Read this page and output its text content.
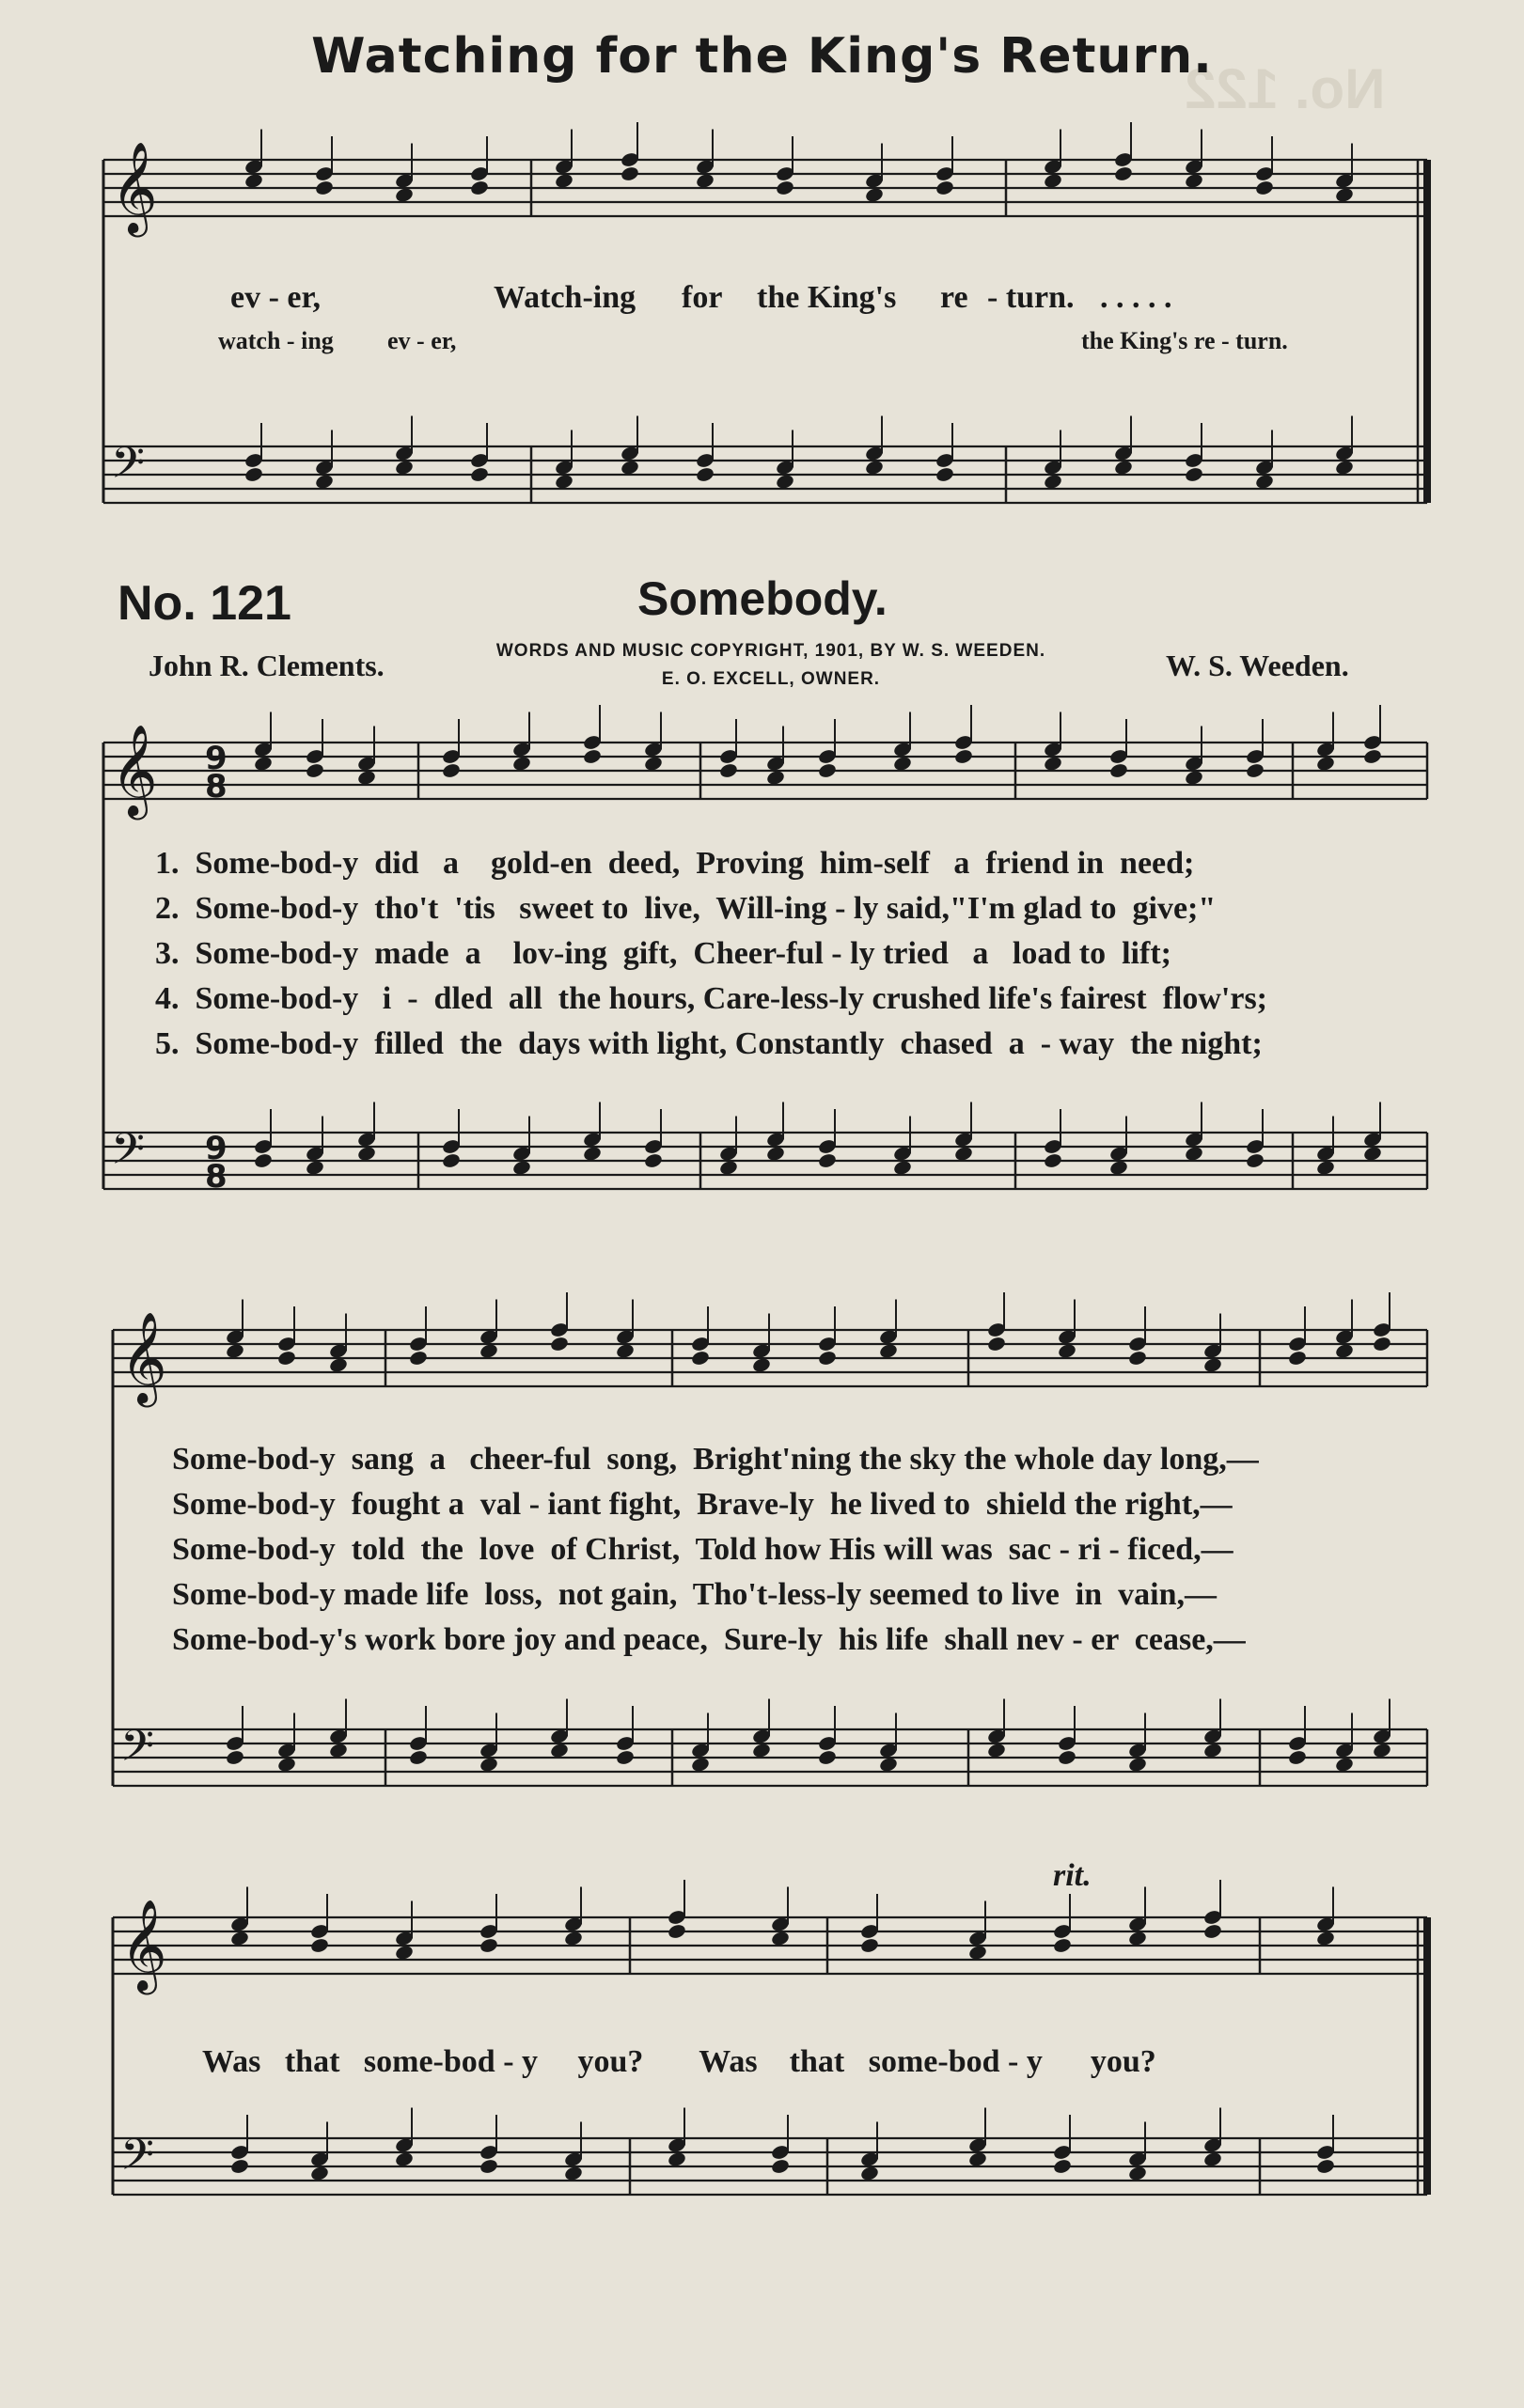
No. 122
Watching for the King's Return.
𝄞
𝄢
𝄞
𝄢
9
8
9
8
𝄞
𝄢
𝄞
𝄢
ev - er,	Watch-ing for the King's re - turn. . . . . .
watch - ing ev - er,	the King's re - turn.
No. 121	Somebody.
John R. Clements.	W. S. Weeden.
WORDS AND MUSIC COPYRIGHT, 1901, BY W. S. WEEDEN.
E. O. EXCELL, OWNER.
1.  Some-bod-y  did   a    gold-en  deed,  Proving  him-self   a  friend in  need;
2.  Some-bod-y  tho't  'tis   sweet to  live,  Will-ing - ly said,"I'm glad to  give;"
3.  Some-bod-y  made  a    lov-ing  gift,  Cheer-ful - ly tried   a   load to  lift;
4.  Some-bod-y   i  -  dled  all  the hours, Care-less-ly crushed life's fairest  flow'rs;
5.  Some-bod-y  filled  the  days with light, Constantly  chased  a  - way  the night;
Some-bod-y  sang  a   cheer-ful  song,  Bright'ning the sky the whole day long,—
Some-bod-y  fought a  val - iant fight,  Brave-ly  he lived to  shield the right,—
Some-bod-y  told  the  love  of Christ,  Told how His will was  sac - ri - ficed,—
Some-bod-y made life  loss,  not gain,  Tho't-less-ly seemed to live  in  vain,—
Some-bod-y's work bore joy and peace,  Sure-ly  his life  shall nev - er  cease,—
rit.
Was   that   some-bod - y     you?       Was    that   some-bod - y      you?
